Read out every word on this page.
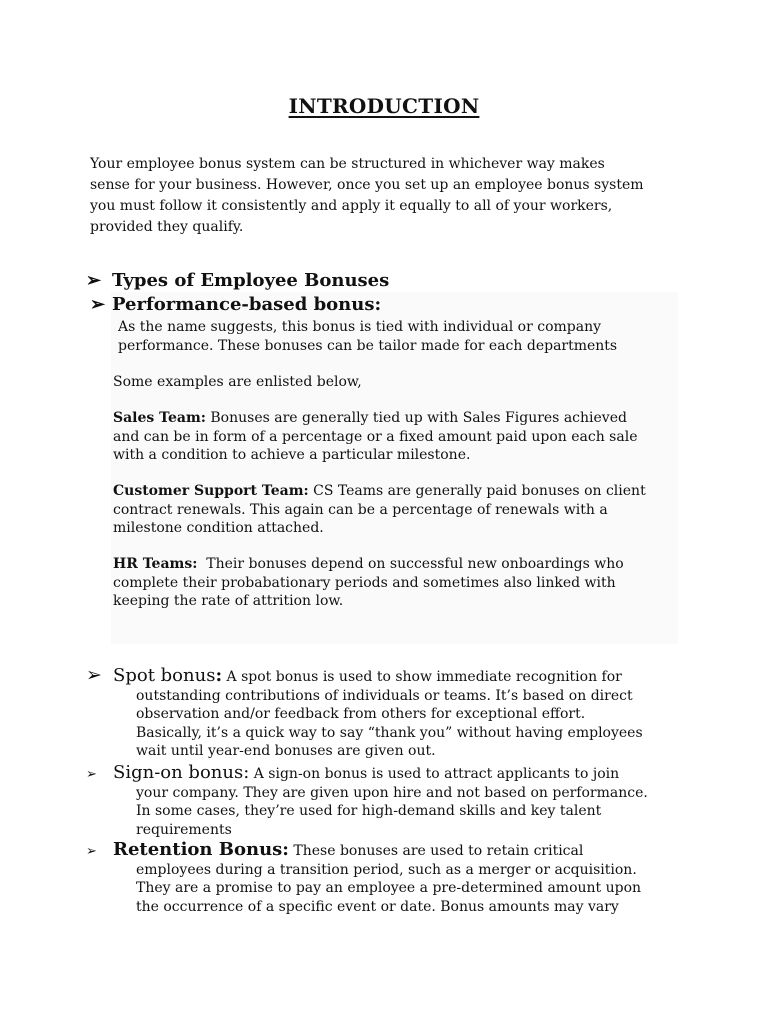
INTRODUCTION
Your employee bonus system can be structured in whichever way makes
sense for your business. However, once you set up an employee bonus system
you must follow it consistently and apply it equally to all of your workers,
provided they qualify.
➢ Types of Employee Bonuses
➢ Performance-based bonus:
As the name suggests, this bonus is tied with individual or company
performance. These bonuses can be tailor made for each departments
Some examples are enlisted below,
Sales Team: Bonuses are generally tied up with Sales Figures achieved
and can be in form of a percentage or a fixed amount paid upon each sale
with a condition to achieve a particular milestone.
Customer Support Team: CS Teams are generally paid bonuses on client
contract renewals. This again can be a percentage of renewals with a
milestone condition attached.
HR Teams:  Their bonuses depend on successful new onboardings who
complete their probabationary periods and sometimes also linked with
keeping the rate of attrition low.
➢ Spot bonus: A spot bonus is used to show immediate recognition for
outstanding contributions of individuals or teams. It’s based on direct
observation and/or feedback from others for exceptional effort.
Basically, it’s a quick way to say “thank you” without having employees
wait until year-end bonuses are given out.
➢ Sign-on bonus: A sign-on bonus is used to attract applicants to join
your company. They are given upon hire and not based on performance.
In some cases, they’re used for high-demand skills and key talent
requirements
➢ Retention Bonus: These bonuses are used to retain critical
employees during a transition period, such as a merger or acquisition.
They are a promise to pay an employee a pre-determined amount upon
the occurrence of a specific event or date. Bonus amounts may vary
